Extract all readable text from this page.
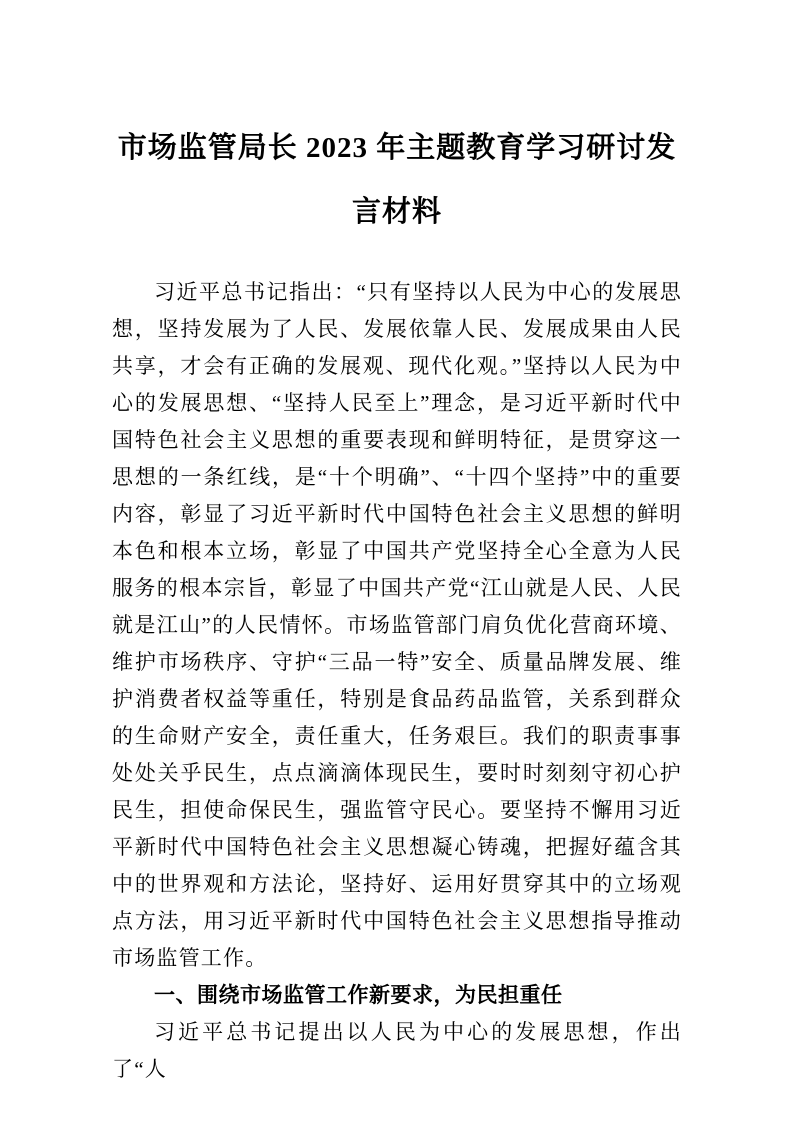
市场监管局长 2023 年主题教育学习研讨发
言材料

习近平总书记指出：“只有坚持以人民为中心的发展思想，坚持发展为了人民、发展依靠人民、发展成果由人民共享，才会有正确的发展观、现代化观。”坚持以人民为中心的发展思想、“坚持人民至上”理念，是习近平新时代中国特色社会主义思想的重要表现和鲜明特征，是贯穿这一思想的一条红线，是“十个明确”、“十四个坚持”中的重要内容，彰显了习近平新时代中国特色社会主义思想的鲜明本色和根本立场，彰显了中国共产党坚持全心全意为人民服务的根本宗旨，彰显了中国共产党“江山就是人民、人民就是江山”的人民情怀。市场监管部门肩负优化营商环境、维护市场秩序、守护“三品一特”安全、质量品牌发展、维护消费者权益等重任，特别是食品药品监管，关系到群众的生命财产安全，责任重大，任务艰巨。我们的职责事事处处关乎民生，点点滴滴体现民生，要时时刻刻守初心护民生，担使命保民生，强监管守民心。要坚持不懈用习近平新时代中国特色社会主义思想凝心铸魂，把握好蕴含其中的世界观和方法论，坚持好、运用好贯穿其中的立场观点方法，用习近平新时代中国特色社会主义思想指导推动市场监管工作。

一、围绕市场监管工作新要求，为民担重任

习近平总书记提出以人民为中心的发展思想，作出了“人
